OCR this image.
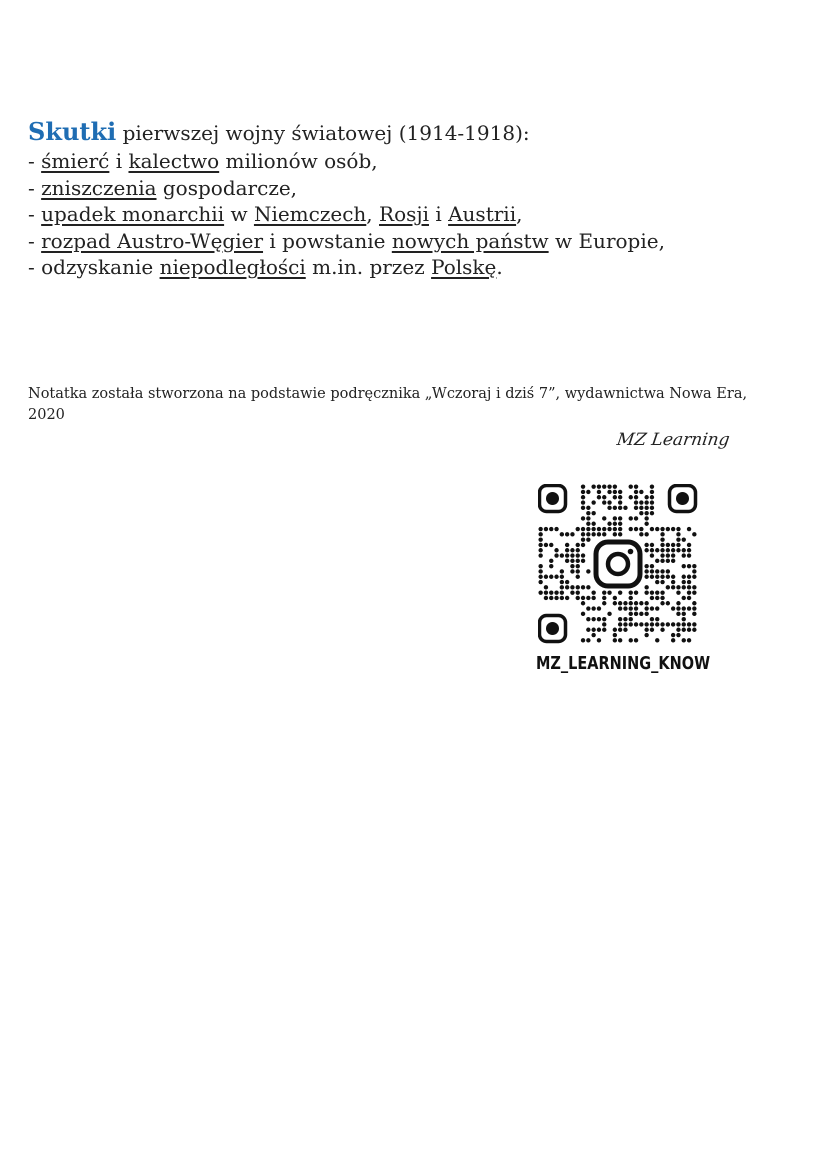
Skutki pierwszej wojny światowej (1914-1918):
- śmierć i kalectwo milionów osób,
- zniszczenia gospodarcze,
- upadek monarchii w Niemczech, Rosji i Austrii,
- rozpad Austro-Węgier i powstanie nowych państw w Europie,
- odzyskanie niepodległości m.in. przez Polskę.
Notatka została stworzona na podstawie podręcznika „Wczoraj i dziś 7”, wydawnictwa Nowa Era, 2020
MZ Learning
MZ_LEARNING_KNOW
